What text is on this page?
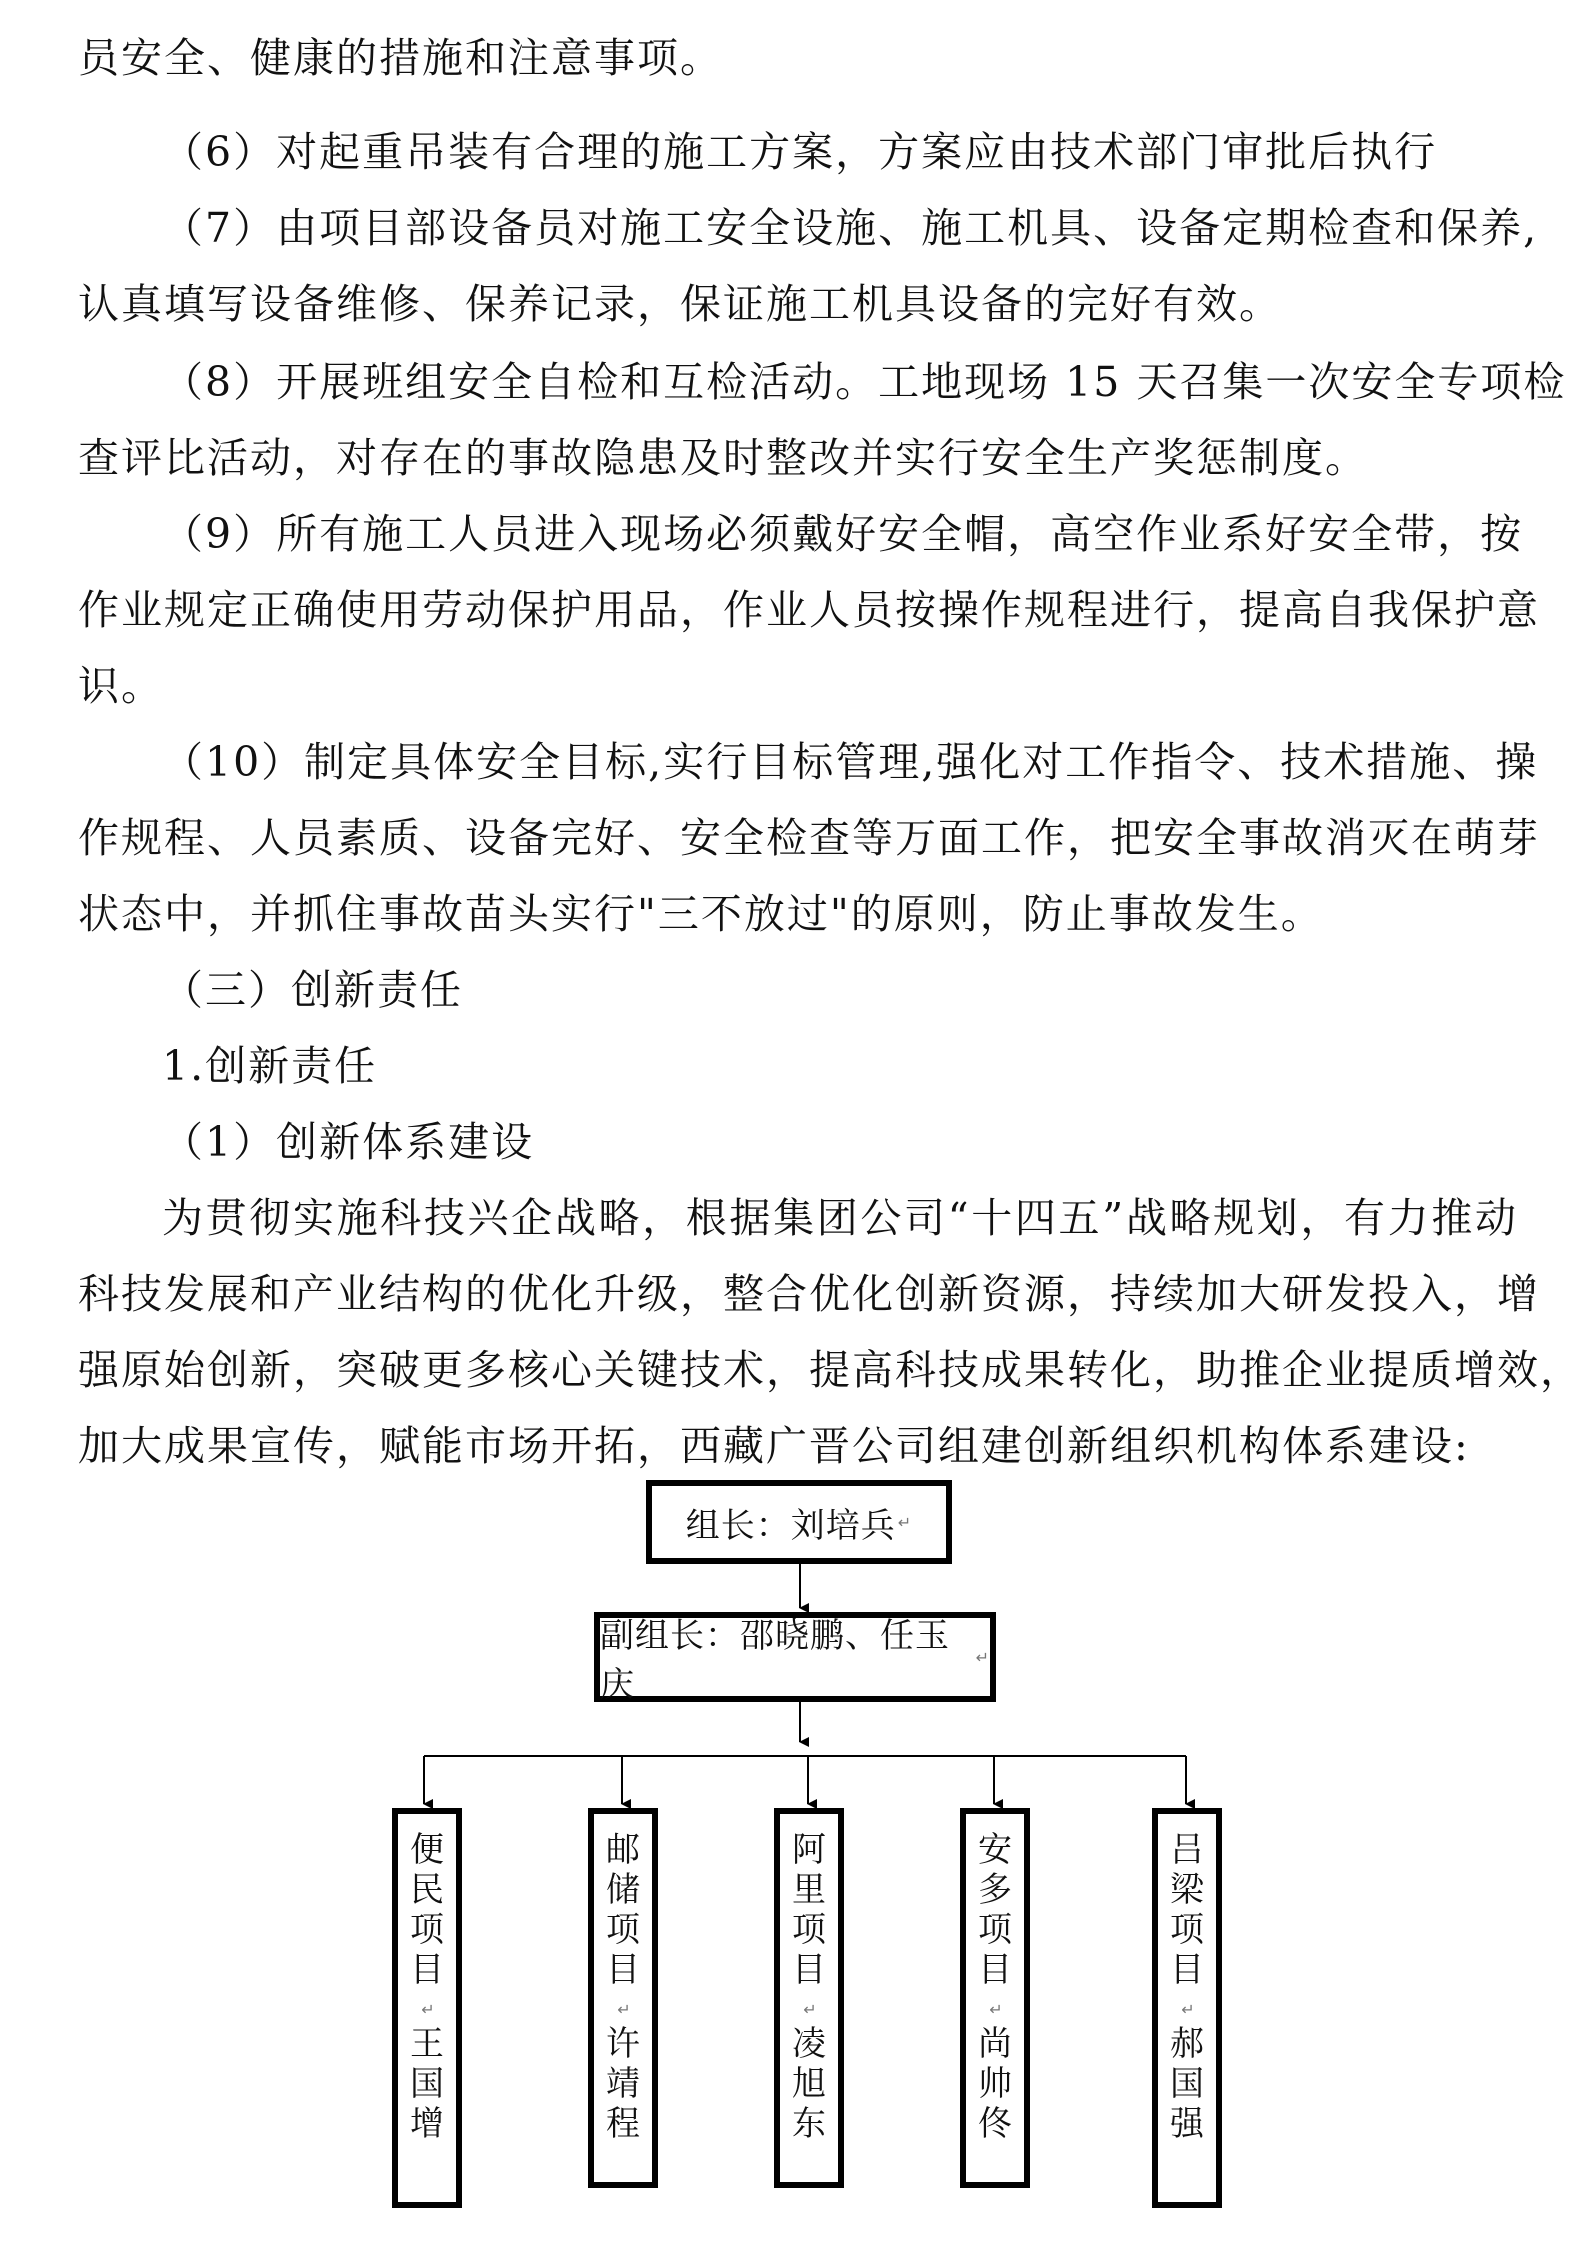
员安全、健康的措施和注意事项。
（6）对起重吊装有合理的施工方案，方案应由技术部门审批后执行
（7）由项目部设备员对施工安全设施、施工机具、设备定期检查和保养,
认真填写设备维修、保养记录，保证施工机具设备的完好有效。
（8）开展班组安全自检和互检活动。工地现场 15 天召集一次安全专项检
查评比活动，对存在的事故隐患及时整改并实行安全生产奖惩制度。
（9）所有施工人员进入现场必须戴好安全帽，高空作业系好安全带，按
作业规定正确使用劳动保护用品，作业人员按操作规程进行，提高自我保护意
识。
（10）制定具体安全目标,实行目标管理,强化对工作指令、技术措施、操
作规程、人员素质、设备完好、安全检查等万面工作，把安全事故消灭在萌芽
状态中，并抓住事故苗头实行"三不放过"的原则，防止事故发生。
（三）创新责任
1.创新责任
（1）创新体系建设
为贯彻实施科技兴企战略，根据集团公司“十四五”战略规划，有力推动
科技发展和产业结构的优化升级，整合优化创新资源，持续加大研发投入，增
强原始创新，突破更多核心关键技术，提高科技成果转化，助推企业提质增效，
加大成果宣传，赋能市场开拓，西藏广晋公司组建创新组织机构体系建设:
组长：刘培兵 ↵
副组长：邵晓鹏、任玉庆
↵
便
民
项
目
↵
王
国
增
邮
储
项
目
↵
许
靖
程
阿
里
项
目
↵
凌
旭
东
安
多
项
目
↵
尚
帅
佟
吕
梁
项
目
↵
郝
国
强
